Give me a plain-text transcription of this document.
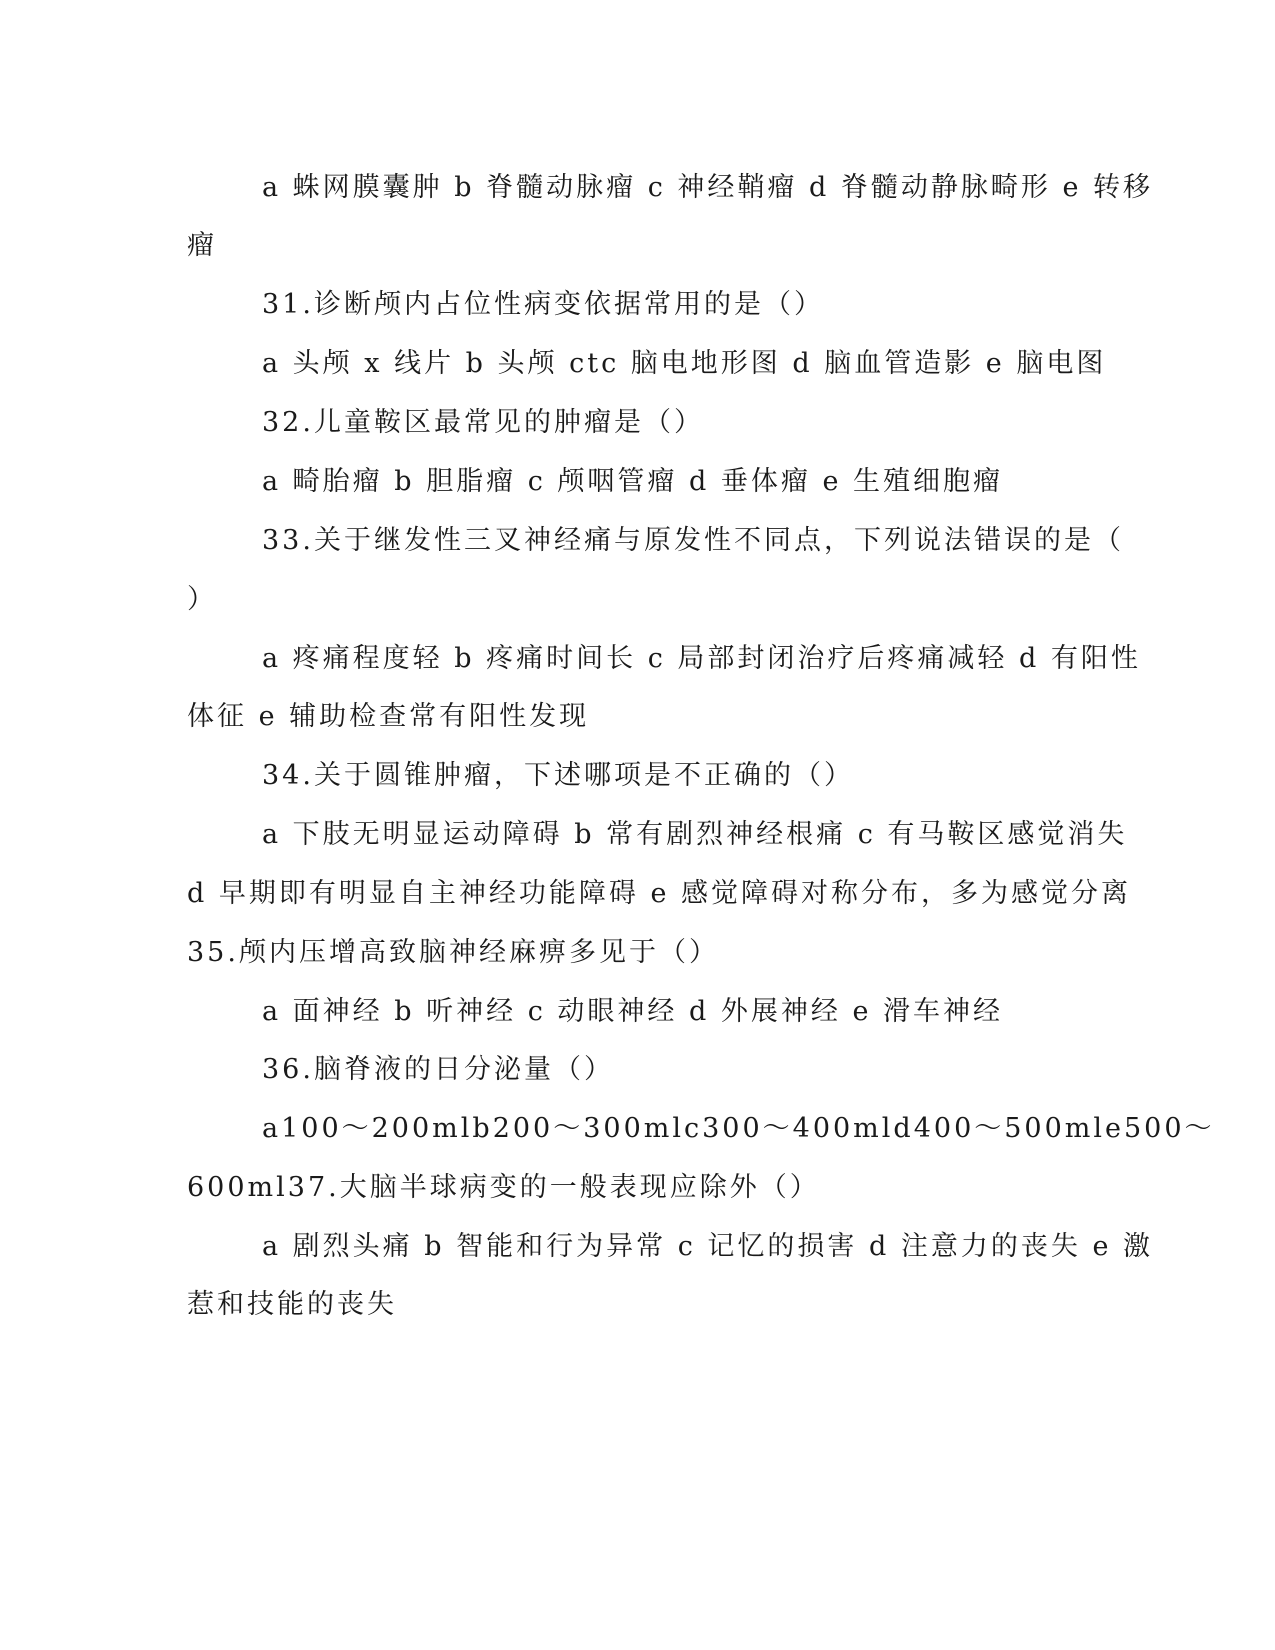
a 蛛网膜囊肿 b 脊髓动脉瘤 c 神经鞘瘤 d 脊髓动静脉畸形 e 转移
瘤
31.诊断颅内占位性病变依据常用的是（）
a 头颅 x 线片 b 头颅 ctc 脑电地形图 d 脑血管造影 e 脑电图
32.儿童鞍区最常见的肿瘤是（）
a 畸胎瘤 b 胆脂瘤 c 颅咽管瘤 d 垂体瘤 e 生殖细胞瘤
33.关于继发性三叉神经痛与原发性不同点，下列说法错误的是（
）
a 疼痛程度轻 b 疼痛时间长 c 局部封闭治疗后疼痛减轻 d 有阳性
体征 e 辅助检查常有阳性发现
34.关于圆锥肿瘤，下述哪项是不正确的（）
a 下肢无明显运动障碍 b 常有剧烈神经根痛 c 有马鞍区感觉消失
d 早期即有明显自主神经功能障碍 e 感觉障碍对称分布，多为感觉分离
35.颅内压增高致脑神经麻痹多见于（）
a 面神经 b 听神经 c 动眼神经 d 外展神经 e 滑车神经
36.脑脊液的日分泌量（）
a100～200mlb200～300mlc300～400mld400～500mle500～
600ml37.大脑半球病变的一般表现应除外（）
a 剧烈头痛 b 智能和行为异常 c 记忆的损害 d 注意力的丧失 e 激
惹和技能的丧失
